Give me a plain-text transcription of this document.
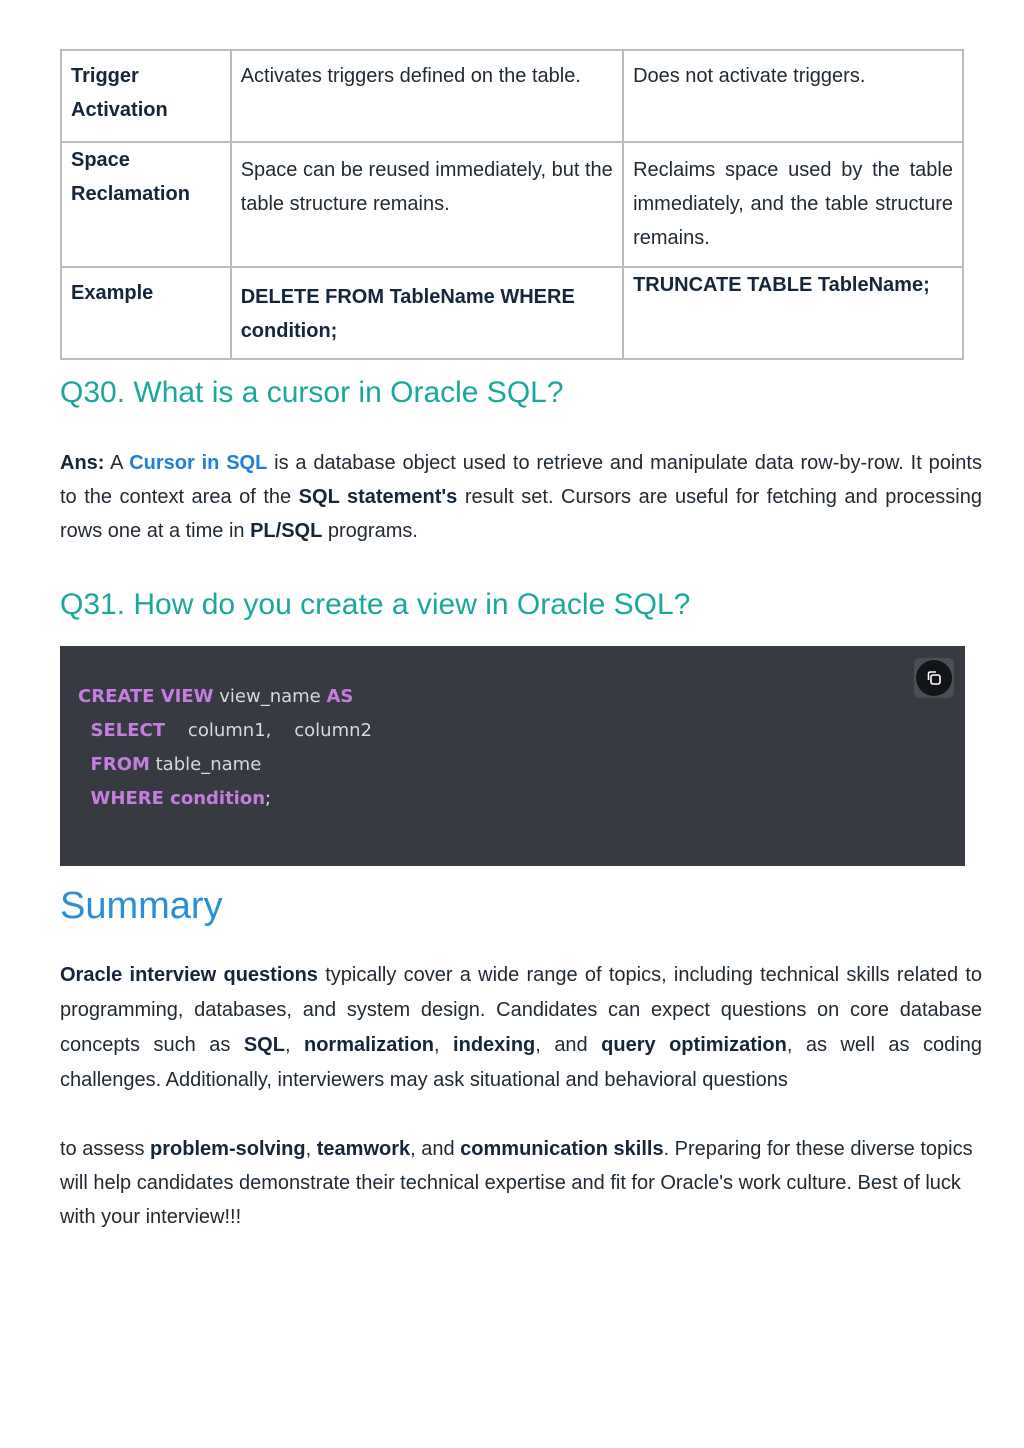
Trigger Activation	Activates triggers defined on the table.	Does not activate triggers.
Space Reclamation	Space can be reused immediately, but the table structure remains.	Reclaims space used by the table immediately, and the table structure remains.
Example	DELETE FROM TableName WHERE condition;	TRUNCATE TABLE TableName;
Q30. What is a cursor in Oracle SQL?

Ans: A Cursor in SQL is a database object used to retrieve and manipulate data row-by-row. It points to the context area of the SQL statement's result set. Cursors are useful for fetching and processing rows one at a time in PL/SQL programs.

Q31. How do you create a view in Oracle SQL?
CREATE VIEW view_name AS
SELECT    column1,    column2
FROM table_name
WHERE condition;
Summary

Oracle interview questions typically cover a wide range of topics, including technical skills related to programming, databases, and system design. Candidates can expect questions on core database concepts such as SQL, normalization, indexing, and query optimization, as well as coding challenges. Additionally, interviewers may ask situational and behavioral questions

to assess problem-solving, teamwork, and communication skills. Preparing for these diverse topics will help candidates demonstrate their technical expertise and fit for Oracle's work culture. Best of luck with your interview!!!
